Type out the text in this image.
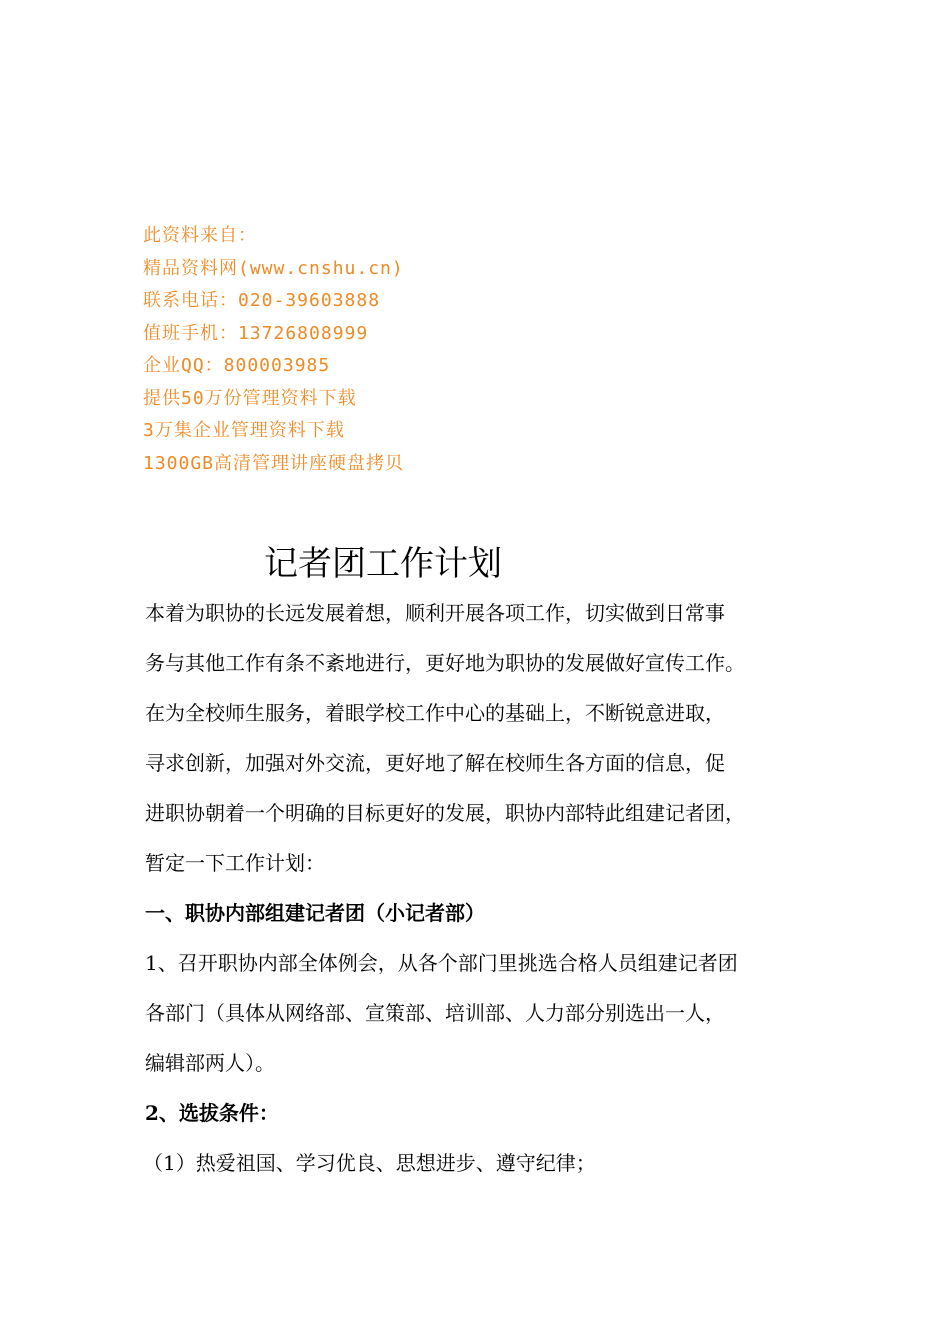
此资料来自：
精品资料网(www.cnshu.cn)
联系电话：020-39603888
值班手机：13726808999
企业QQ：800003985
提供50万份管理资料下载
3万集企业管理资料下载
1300GB高清管理讲座硬盘拷贝
记者团工作计划
本着为职协的长远发展着想，顺利开展各项工作，切实做到日常事
务与其他工作有条不紊地进行，更好地为职协的发展做好宣传工作。
在为全校师生服务，着眼学校工作中心的基础上，不断锐意进取，
寻求创新，加强对外交流，更好地了解在校师生各方面的信息，促
进职协朝着一个明确的目标更好的发展，职协内部特此组建记者团，
暂定一下工作计划：
一、职协内部组建记者团（小记者部）
1、召开职协内部全体例会，从各个部门里挑选合格人员组建记者团
各部门（具体从网络部、宣策部、培训部、人力部分别选出一人，
编辑部两人）。
2、选拔条件：
（1）热爱祖国、学习优良、思想进步、遵守纪律；
